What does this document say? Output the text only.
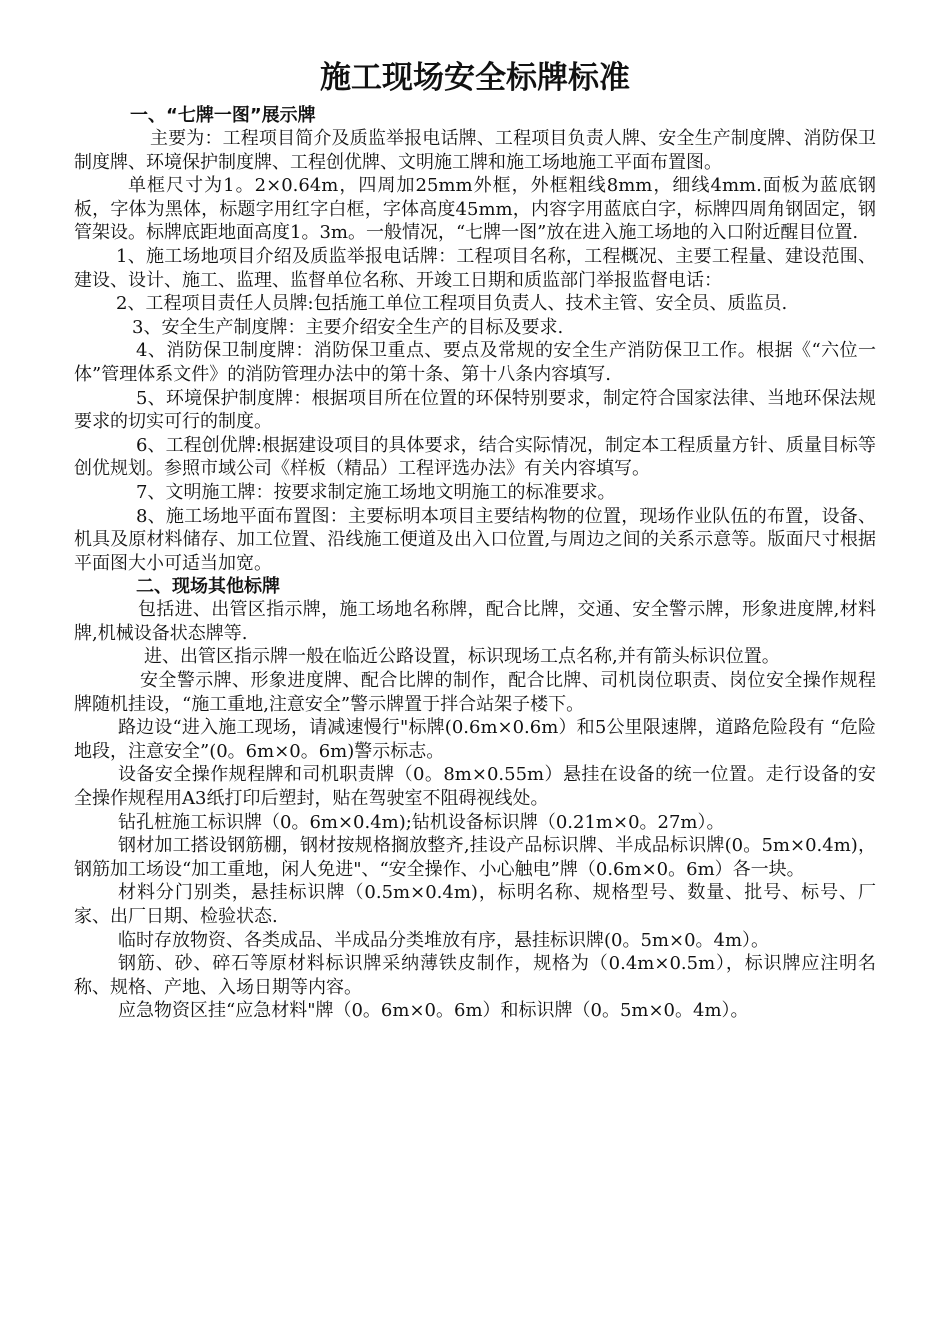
施工现场安全标牌标准

一、“七牌一图”展示牌

主要为：工程项目简介及质监举报电话牌、工程项目负责人牌、安全生产制度牌、消防保卫制度牌、环境保护制度牌、工程创优牌、文明施工牌和施工场地施工平面布置图。

单框尺寸为1。2×0.64m，四周加25mm外框，外框粗线8mm，细线4mm.面板为蓝底钢板，字体为黑体，标题字用红字白框，字体高度45mm，内容字用蓝底白字，标牌四周角钢固定，钢管架设。标牌底距地面高度1。3m。一般情况，“七牌一图”放在进入施工场地的入口附近醒目位置.

1、施工场地项目介绍及质监举报电话牌：工程项目名称，工程概况、主要工程量、建设范围、建设、设计、施工、监理、监督单位名称、开竣工日期和质监部门举报监督电话：

2、工程项目责任人员牌:包括施工单位工程项目负责人、技术主管、安全员、质监员.

3、安全生产制度牌：主要介绍安全生产的目标及要求.

4、消防保卫制度牌：消防保卫重点、要点及常规的安全生产消防保卫工作。根据《“六位一体”管理体系文件》的消防管理办法中的第十条、第十八条内容填写.

5、环境保护制度牌：根据项目所在位置的环保特别要求，制定符合国家法律、当地环保法规要求的切实可行的制度。

6、工程创优牌:根据建设项目的具体要求，结合实际情况，制定本工程质量方针、质量目标等创优规划。参照市域公司《样板（精品）工程评选办法》有关内容填写。

7、文明施工牌：按要求制定施工场地文明施工的标准要求。

8、施工场地平面布置图：主要标明本项目主要结构物的位置，现场作业队伍的布置，设备、机具及原材料储存、加工位置、沿线施工便道及出入口位置,与周边之间的关系示意等。版面尺寸根据平面图大小可适当加宽。

二、现场其他标牌

包括进、出管区指示牌，施工场地名称牌，配合比牌，交通、安全警示牌，形象进度牌,材料牌,机械设备状态牌等.

进、出管区指示牌一般在临近公路设置，标识现场工点名称,并有箭头标识位置。

安全警示牌、形象进度牌、配合比牌的制作，配合比牌、司机岗位职责、岗位安全操作规程牌随机挂设，“施工重地,注意安全”警示牌置于拌合站架子楼下。

路边设“进入施工现场，请减速慢行"标牌(0.6m×0.6m）和5公里限速牌，道路危险段有 “危险地段，注意安全”(0。6m×0。6m)警示标志。

设备安全操作规程牌和司机职责牌（0。8m×0.55m）悬挂在设备的统一位置。走行设备的安全操作规程用A3纸打印后塑封，贴在驾驶室不阻碍视线处。

钻孔桩施工标识牌（0。6m×0.4m);钻机设备标识牌（0.21m×0。27m）。

钢材加工搭设钢筋棚，钢材按规格搁放整齐,挂设产品标识牌、半成品标识牌(0。5m×0.4m)，钢筋加工场设“加工重地，闲人免进"、“安全操作、小心触电”牌（0.6m×0。6m）各一块。

材料分门别类，悬挂标识牌（0.5m×0.4m)，标明名称、规格型号、数量、批号、标号、厂家、出厂日期、检验状态.

临时存放物资、各类成品、半成品分类堆放有序，悬挂标识牌(0。5m×0。4m）。

钢筋、砂、碎石等原材料标识牌采纳薄铁皮制作，规格为（0.4m×0.5m），标识牌应注明名称、规格、产地、入场日期等内容。

应急物资区挂“应急材料"牌（0。6m×0。6m）和标识牌（0。5m×0。4m）。
